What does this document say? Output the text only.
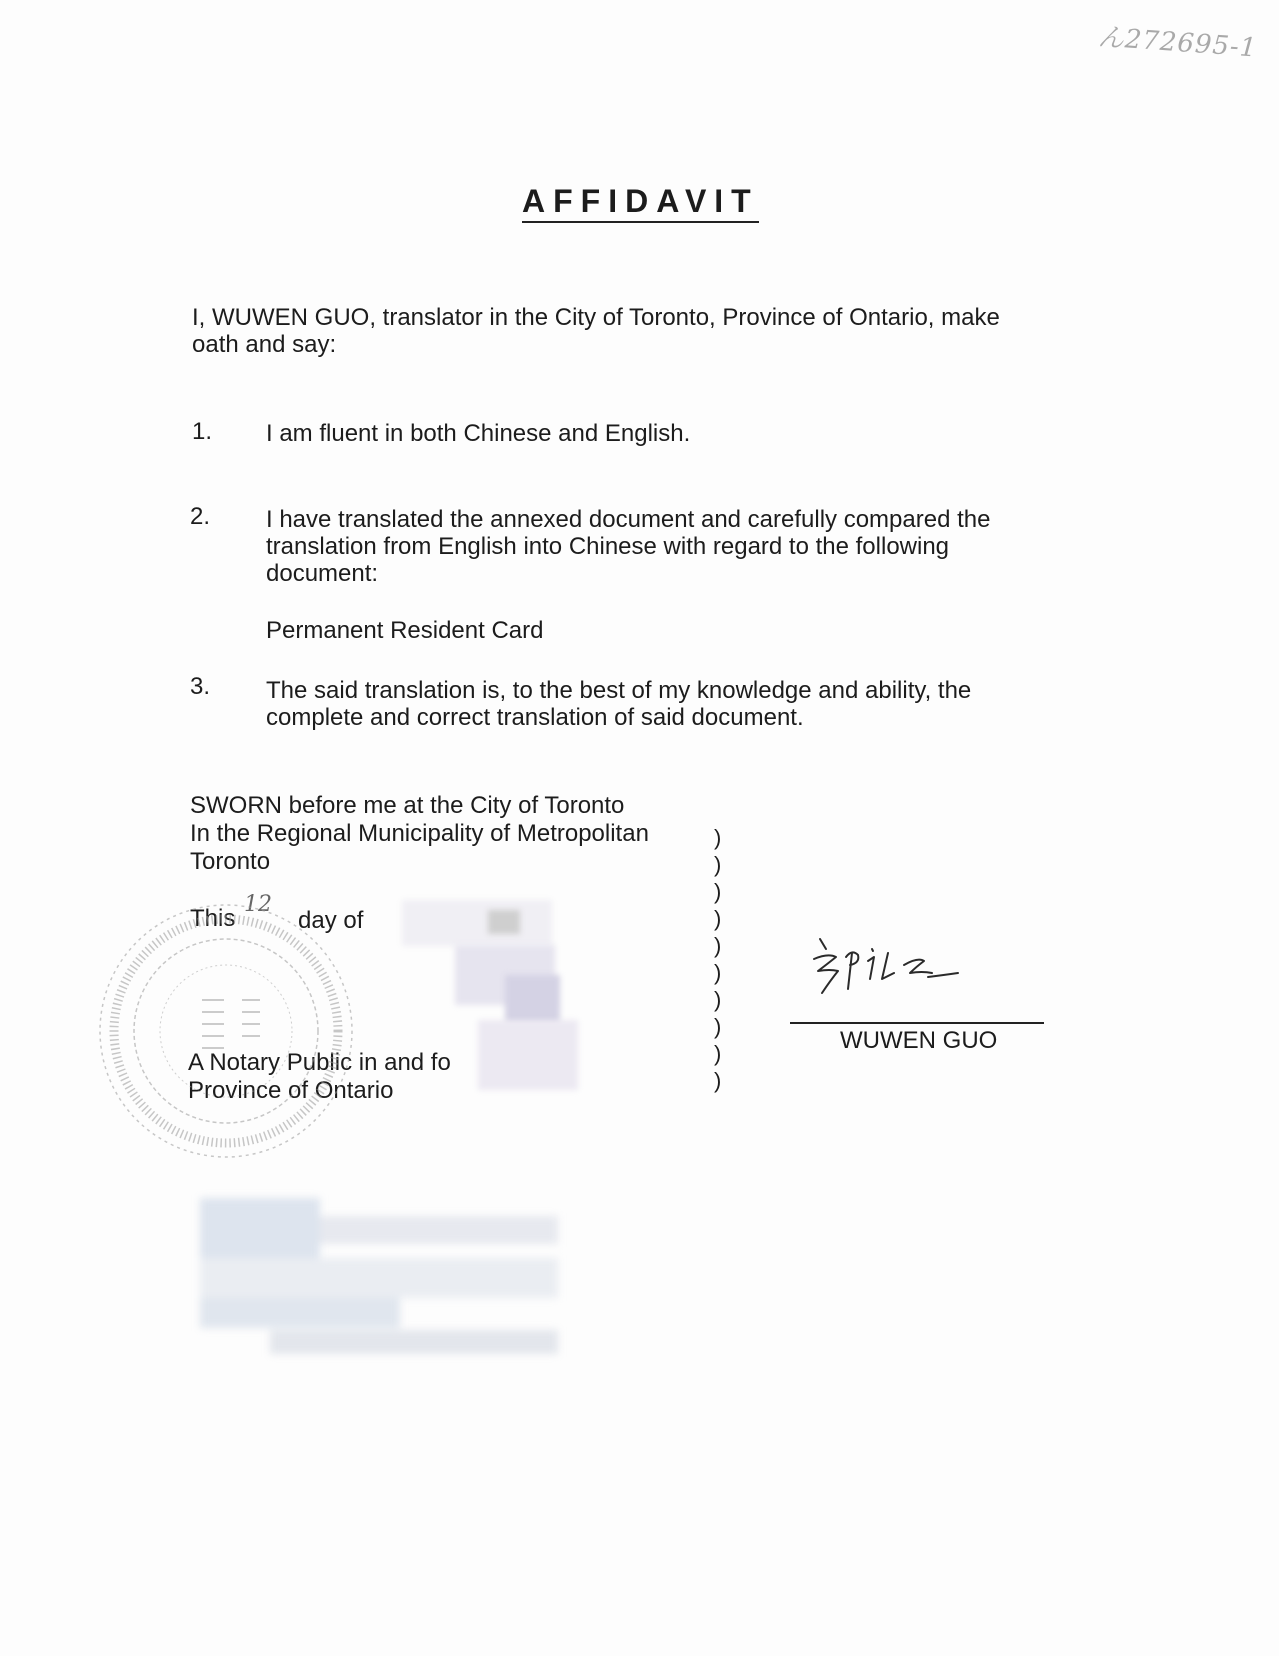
ん272695-1
AFFIDAVIT
I, WUWEN GUO, translator in the City of Toronto, Province of Ontario, make
oath and say:
1. I am fluent in both Chinese and English.
2. I have translated the annexed document and carefully compared the
translation from English into Chinese with regard to the following
document:
Permanent Resident Card
3. The said translation is, to the best of my knowledge and ability, the
complete and correct translation of said document.
SWORN before me at the City of Toronto
In the Regional Municipality of Metropolitan
Toronto
This
12
day of
A Notary Public in and fo
Province of Ontario
)
)
)
)
)
)
)
)
)
)
WUWEN GUO
